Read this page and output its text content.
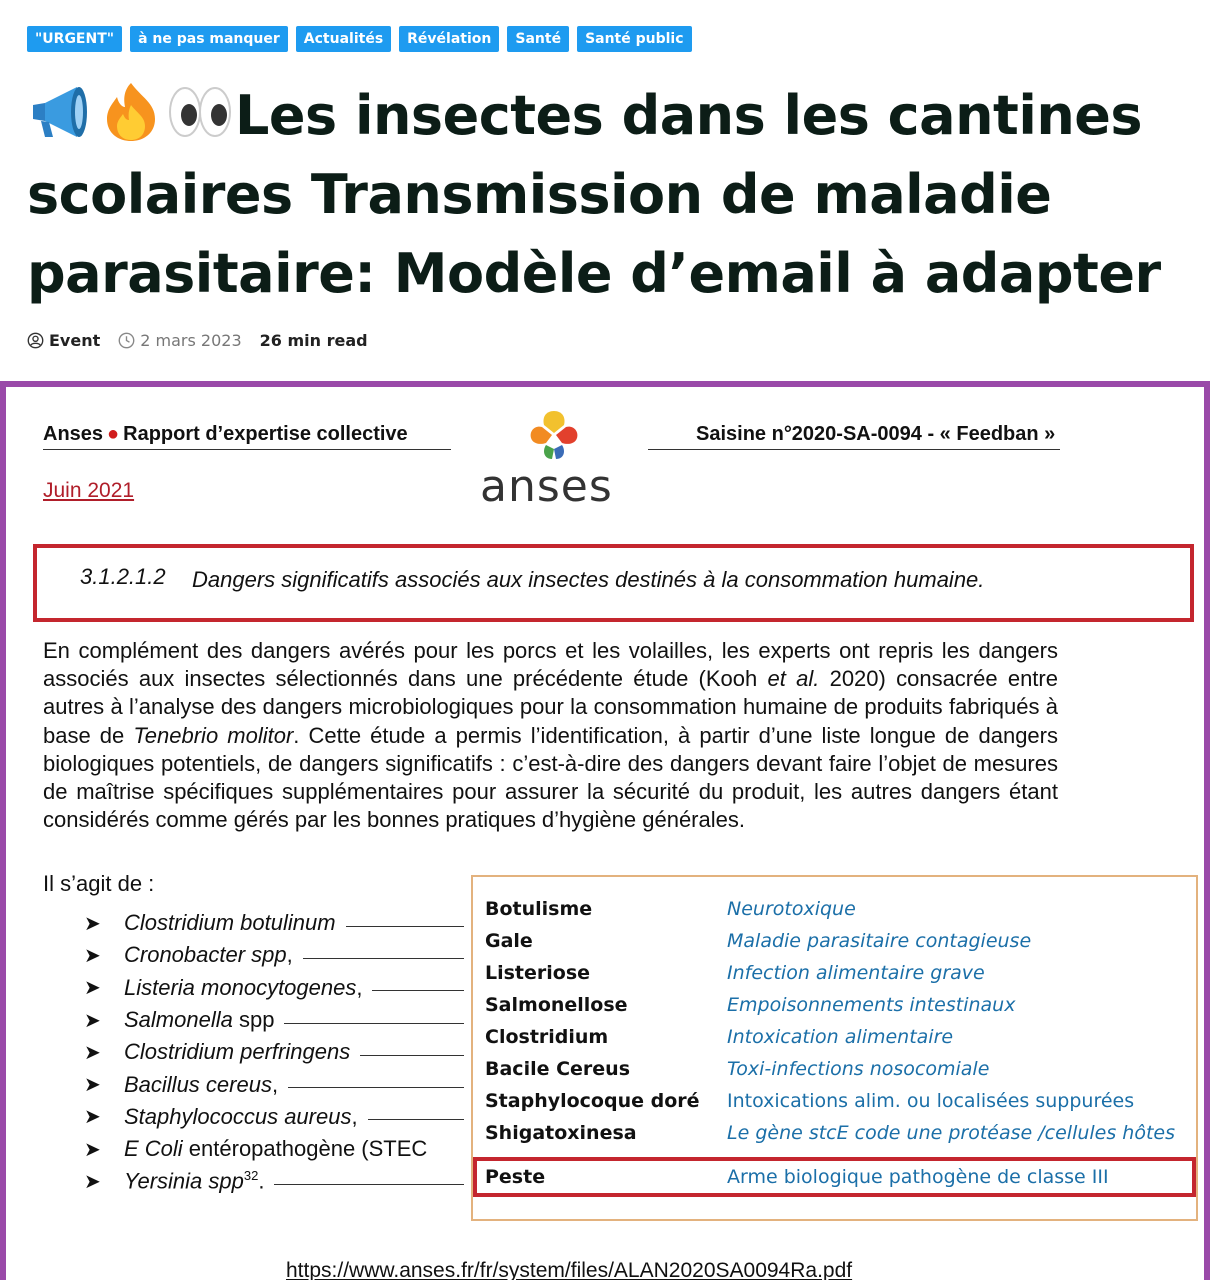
"URGENT"	à ne pas manquer	Actualités	Révélation	Santé	Santé public
Les insectes dans les cantines scolaires Transmission de maladie parasitaire: Modèle d’email à adapter
Event	2 mars 2023 26 min read
Anses ● Rapport d’expertise collective	Saisine n°2020-SA-0094 - « Feedban »
Juin 2021	anses
3.1.2.1.2 Dangers significatifs associés aux insectes destinés à la consommation humaine.
En complément des dangers avérés pour les porcs et les volailles, les experts ont repris les dangers associés aux insectes sélectionnés dans une précédente étude (Kooh et al. 2020) consacrée entre autres à l’analyse des dangers microbiologiques pour la consommation humaine de produits fabriqués à base de Tenebrio molitor. Cette étude a permis l’identification, à partir d’une liste longue de dangers biologiques potentiels, de dangers significatifs : c’est-à-dire des dangers devant faire l’objet de mesures de maîtrise spécifiques supplémentaires pour assurer la sécurité du produit, les autres dangers étant considérés comme gérés par les bonnes pratiques d’hygiène générales.
Il s’agit de :
➤	Clostridium botulinum
➤	Cronobacter spp,
➤	Listeria monocytogenes,
➤	Salmonella spp
➤	Clostridium perfringens
➤	Bacillus cereus,
➤	Staphylococcus aureus,
➤	E Coli entéropathogène (STEC
➤	Yersinia spp$^{32}$.
Botulisme	Neurotoxique
Gale	Maladie parasitaire contagieuse
Listeriose	Infection alimentaire grave
Salmonellose	Empoisonnements intestinaux
Clostridium	Intoxication alimentaire
Bacile Cereus	Toxi-infections nosocomiale
Staphylocoque doré	Intoxications alim. ou localisées suppurées
Shigatoxinesa	Le gène stcE code une protéase /cellules hôtes
Peste	Arme biologique pathogène de classe III
https://www.anses.fr/fr/system/files/ALAN2020SA0094Ra.pdf
